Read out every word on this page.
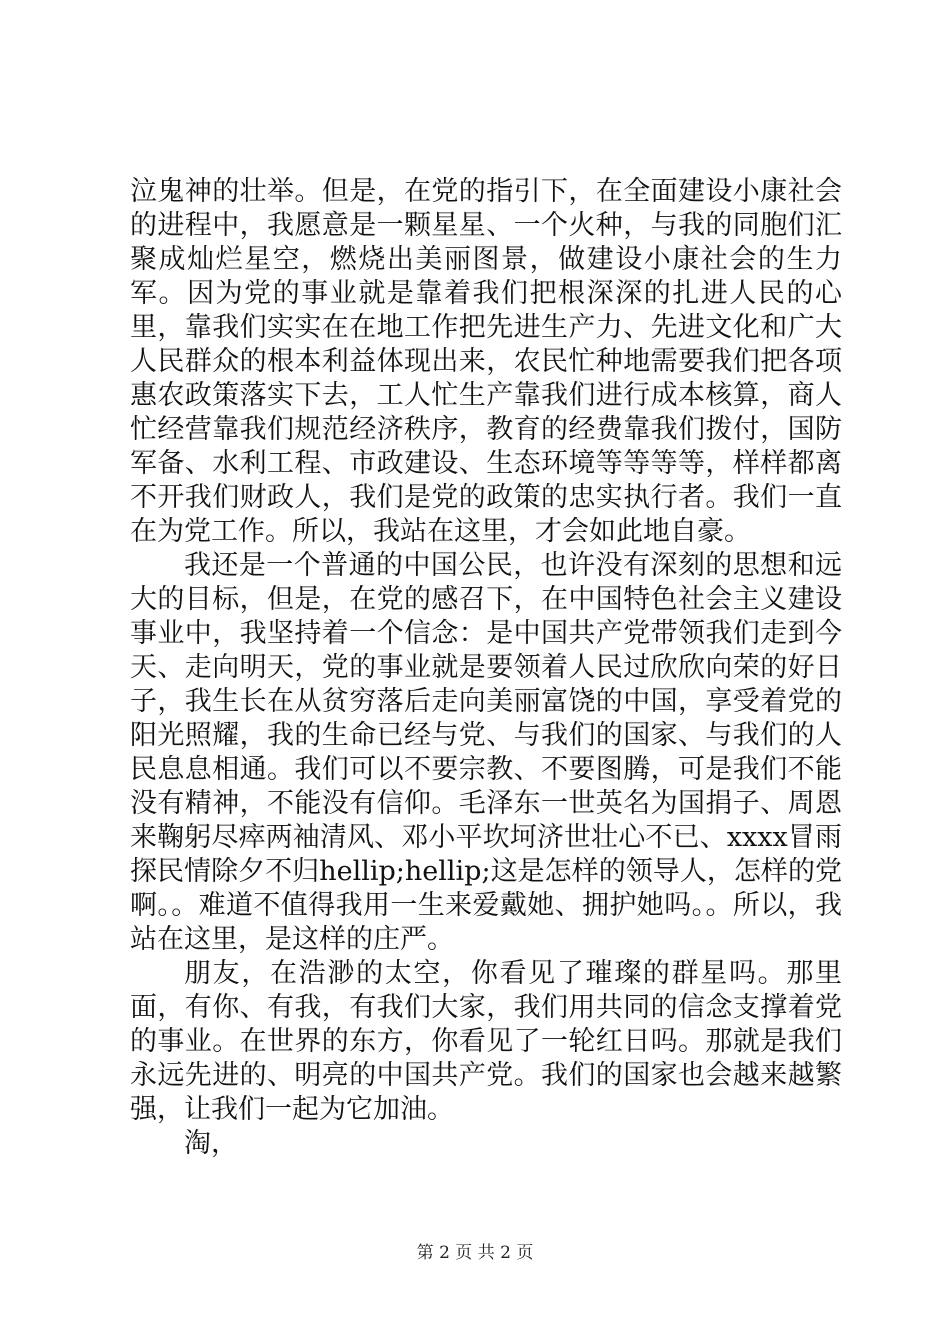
泣鬼神的壮举。但是，在党的指引下，在全面建设小康社会的进程中，我愿意是一颗星星、一个火种，与我的同胞们汇聚成灿烂星空，燃烧出美丽图景，做建设小康社会的生力军。因为党的事业就是靠着我们把根深深的扎进人民的心里，靠我们实实在在地工作把先进生产力、先进文化和广大人民群众的根本利益体现出来，农民忙种地需要我们把各项惠农政策落实下去，工人忙生产靠我们进行成本核算，商人忙经营靠我们规范经济秩序，教育的经费靠我们拨付，国防军备、水利工程、市政建设、生态环境等等等等，样样都离不开我们财政人，我们是党的政策的忠实执行者。我们一直在为党工作。所以，我站在这里，才会如此地自豪。

我还是一个普通的中国公民，也许没有深刻的思想和远大的目标，但是，在党的感召下，在中国特色社会主义建设事业中，我坚持着一个信念：是中国共产党带领我们走到今天、走向明天，党的事业就是要领着人民过欣欣向荣的好日子，我生长在从贫穷落后走向美丽富饶的中国，享受着党的阳光照耀，我的生命已经与党、与我们的国家、与我们的人民息息相通。我们可以不要宗教、不要图腾，可是我们不能没有精神，不能没有信仰。毛泽东一世英名为国捐子、周恩来鞠躬尽瘁两袖清风、邓小平坎坷济世壮心不已、xxxx冒雨探民情除夕不归hellip;hellip;这是怎样的领导人，怎样的党啊。。难道不值得我用一生来爱戴她、拥护她吗。。所以，我站在这里，是这样的庄严。

朋友，在浩渺的太空，你看见了璀璨的群星吗。那里面，有你、有我，有我们大家，我们用共同的信念支撑着党的事业。在世界的东方，你看见了一轮红日吗。那就是我们永远先进的、明亮的中国共产党。我们的国家也会越来越繁强，让我们一起为它加油。

淘，

第 2 页 共 2 页
